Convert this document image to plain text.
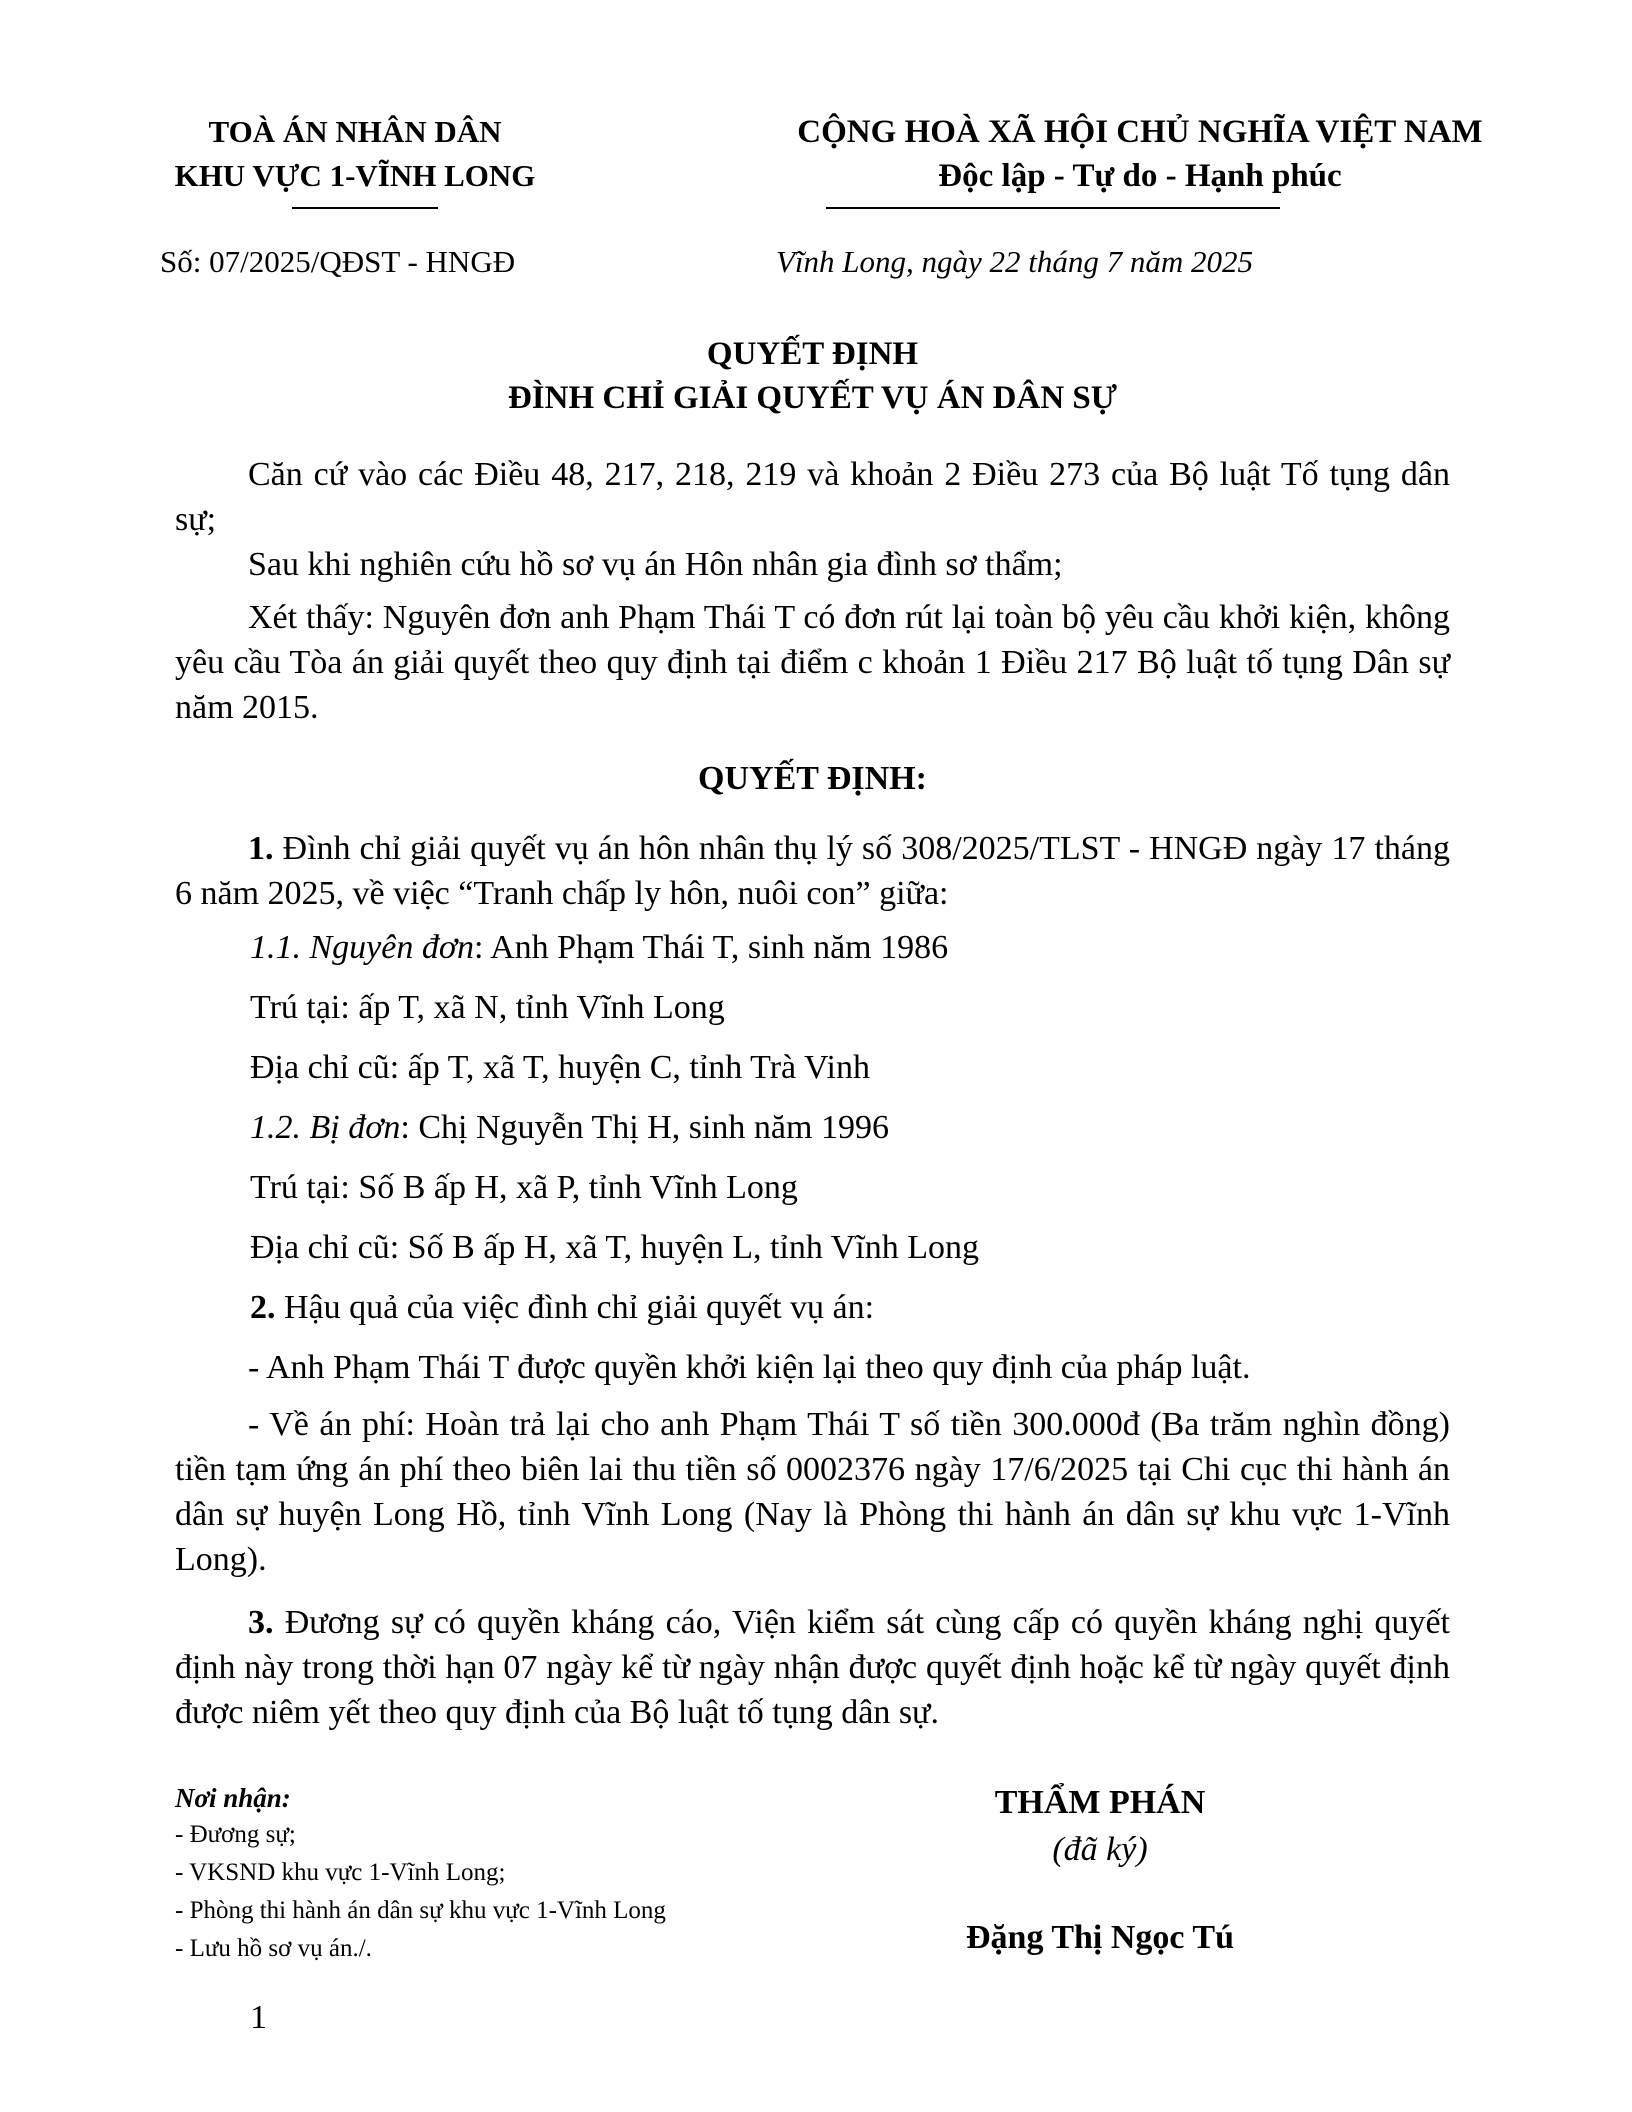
TOÀ ÁN NHÂN DÂN
KHU VỰC 1-VĨNH LONG
CỘNG HOÀ XÃ HỘI CHỦ NGHĨA VIỆT NAM
Độc lập - Tự do - Hạnh phúc
Số: 07/2025/QĐST - HNGĐ	Vĩnh Long, ngày 22 tháng 7 năm 2025
QUYẾT ĐỊNH
ĐÌNH CHỈ GIẢI QUYẾT VỤ ÁN DÂN SỰ
Căn cứ vào các Điều 48, 217, 218, 219 và khoản 2 Điều 273 của Bộ luật Tố tụng dân sự;
Sau khi nghiên cứu hồ sơ vụ án Hôn nhân gia đình sơ thẩm;
Xét thấy: Nguyên đơn anh Phạm Thái T có đơn rút lại toàn bộ yêu cầu khởi kiện, không yêu cầu Tòa án giải quyết theo quy định tại điểm c khoản 1 Điều 217 Bộ luật tố tụng Dân sự năm 2015.
QUYẾT ĐỊNH:
1. Đình chỉ giải quyết vụ án hôn nhân thụ lý số 308/2025/TLST - HNGĐ ngày 17 tháng 6 năm 2025, về việc “Tranh chấp ly hôn, nuôi con” giữa:
1.1. Nguyên đơn: Anh Phạm Thái T, sinh năm 1986
Trú tại: ấp T, xã N, tỉnh Vĩnh Long
Địa chỉ cũ: ấp T, xã T, huyện C, tỉnh Trà Vinh
1.2. Bị đơn: Chị Nguyễn Thị H, sinh năm 1996
Trú tại: Số B ấp H, xã P, tỉnh Vĩnh Long
Địa chỉ cũ: Số B ấp H, xã T, huyện L, tỉnh Vĩnh Long
2. Hậu quả của việc đình chỉ giải quyết vụ án:
- Anh Phạm Thái T được quyền khởi kiện lại theo quy định của pháp luật.
- Về án phí: Hoàn trả lại cho anh Phạm Thái T số tiền 300.000đ (Ba trăm nghìn đồng) tiền tạm ứng án phí theo biên lai thu tiền số 0002376 ngày 17/6/2025 tại Chi cục thi hành án dân sự huyện Long Hồ, tỉnh Vĩnh Long (Nay là Phòng thi hành án dân sự khu vực 1-Vĩnh Long).
3. Đương sự có quyền kháng cáo, Viện kiểm sát cùng cấp có quyền kháng nghị quyết định này trong thời hạn 07 ngày kể từ ngày nhận được quyết định hoặc kể từ ngày quyết định được niêm yết theo quy định của Bộ luật tố tụng dân sự.
Nơi nhận:
- Đương sự;
- VKSND khu vực 1-Vĩnh Long;
- Phòng thi hành án dân sự khu vực 1-Vĩnh Long
- Lưu hồ sơ vụ án./.
THẨM PHÁN
(đã ký)
Đặng Thị Ngọc Tú
1
